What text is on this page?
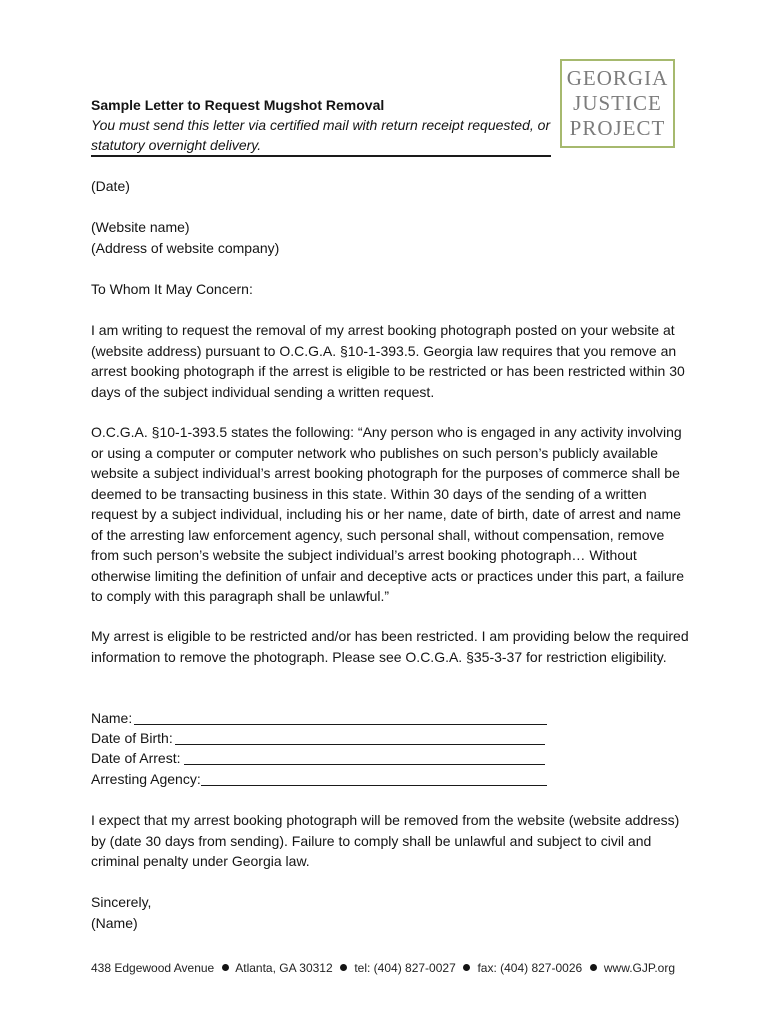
GEORGIA
JUSTICE
PROJECT
Sample Letter to Request Mugshot Removal
You must send this letter via certified mail with return receipt requested, or statutory overnight delivery.

(Date)

(Website name)

(Address of website company)

To Whom It May Concern:

I am writing to request the removal of my arrest booking photograph posted on your website at (website address) pursuant to O.C.G.A. §10-1-393.5. Georgia law requires that you remove an arrest booking photograph if the arrest is eligible to be restricted or has been restricted within 30 days of the subject individual sending a written request.

O.C.G.A. §10-1-393.5 states the following: “Any person who is engaged in any activity involving or using a computer or computer network who publishes on such person’s publicly available website a subject individual’s arrest booking photograph for the purposes of commerce shall be deemed to be transacting business in this state. Within 30 days of the sending of a written request by a subject individual, including his or her name, date of birth, date of arrest and name of the arresting law enforcement agency, such personal shall, without compensation, remove from such person’s website the subject individual’s arrest booking photograph… Without otherwise limiting the definition of unfair and deceptive acts or practices under this part, a failure to comply with this paragraph shall be unlawful.”

My arrest is eligible to be restricted and/or has been restricted. I am providing below the required information to remove the photograph. Please see O.C.G.A. §35-3-37 for restriction eligibility.

Name:
Date of Birth:
Date of Arrest:
Arresting Agency:

I expect that my arrest booking photograph will be removed from the website (website address) by (date 30 days from sending). Failure to comply shall be unlawful and subject to civil and criminal penalty under Georgia law.

Sincerely,

(Name)

438 Edgewood Avenue Atlanta, GA 30312 tel: (404) 827-0027 fax: (404) 827-0026 www.GJP.org
